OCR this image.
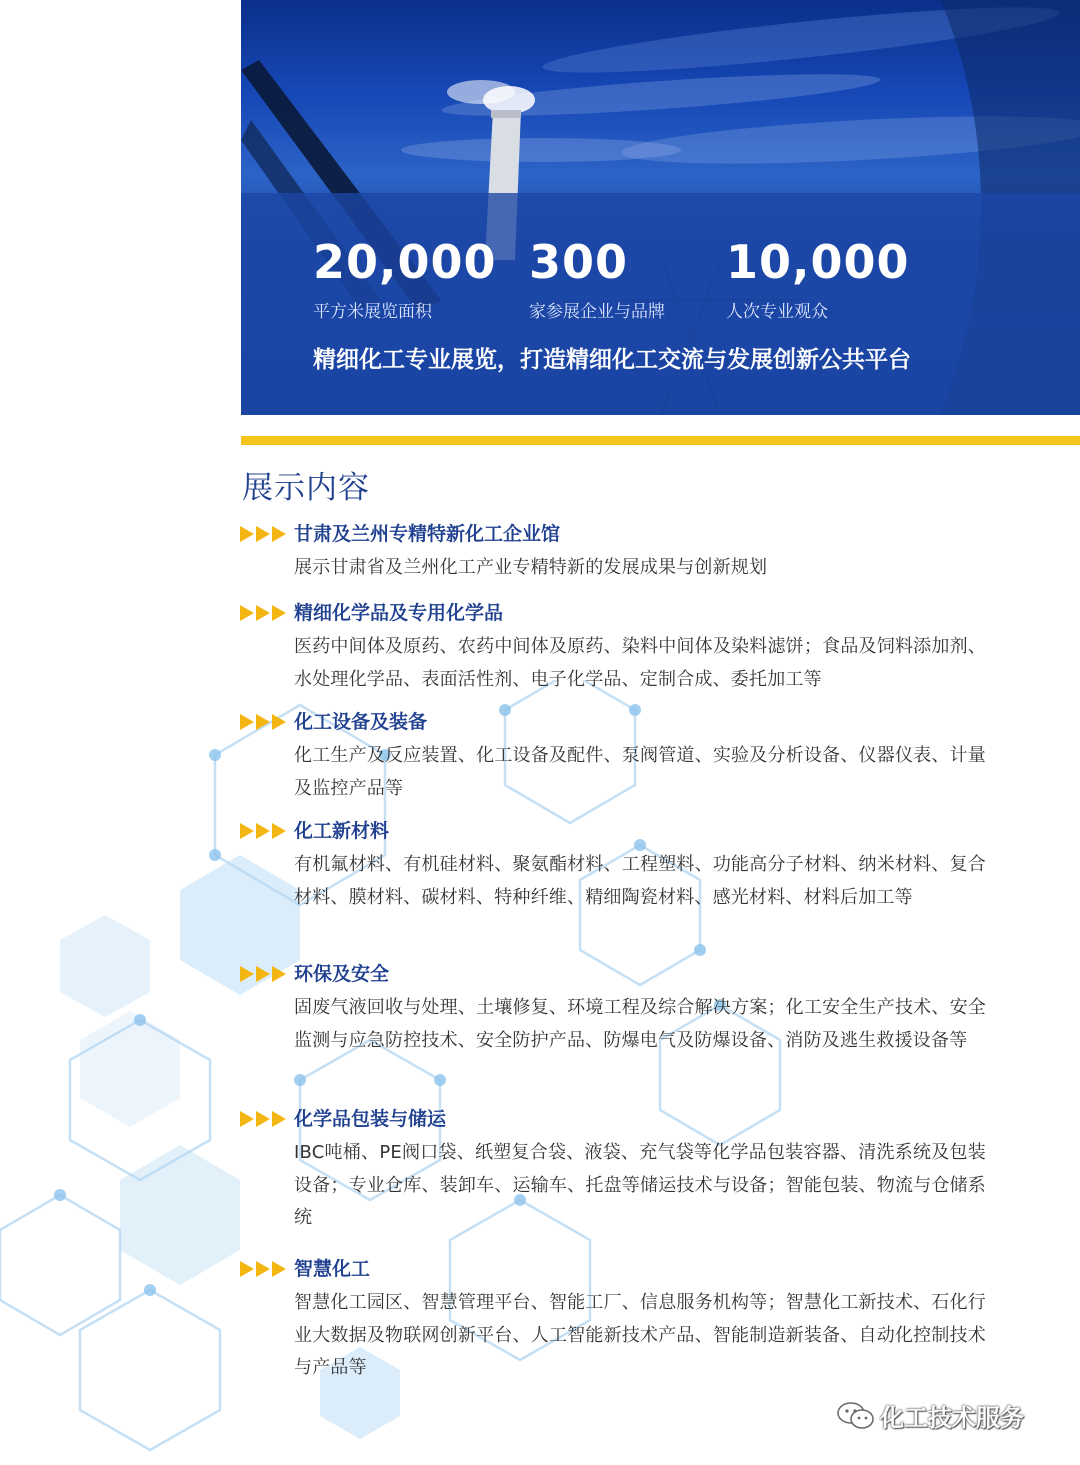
20,000
平方米展览面积
300
家参展企业与品牌
10,000
人次专业观众
精细化工专业展览，打造精细化工交流与发展创新公共平台
展示内容
甘肃及兰州专精特新化工企业馆
展示甘肃省及兰州化工产业专精特新的发展成果与创新规划
精细化学品及专用化学品
医药中间体及原药、农药中间体及原药、染料中间体及染料滤饼；食品及饲料添加剂、水处理化学品、表面活性剂、电子化学品、定制合成、委托加工等
化工设备及装备
化工生产及反应装置、化工设备及配件、泵阀管道、实验及分析设备、仪器仪表、计量及监控产品等
化工新材料
有机氟材料、有机硅材料、聚氨酯材料、工程塑料、功能高分子材料、纳米材料、复合材料、膜材料、碳材料、特种纤维、精细陶瓷材料、感光材料、材料后加工等
环保及安全
固废气液回收与处理、土壤修复、环境工程及综合解决方案；化工安全生产技术、安全监测与应急防控技术、安全防护产品、防爆电气及防爆设备、消防及逃生救援设备等
化学品包装与储运
IBC吨桶、PE阀口袋、纸塑复合袋、液袋、充气袋等化学品包装容器、清洗系统及包装设备；专业仓库、装卸车、运输车、托盘等储运技术与设备；智能包装、物流与仓储系统
智慧化工
智慧化工园区、智慧管理平台、智能工厂、信息服务机构等；智慧化工新技术、石化行业大数据及物联网创新平台、人工智能新技术产品、智能制造新装备、自动化控制技术与产品等
化工技术服务
